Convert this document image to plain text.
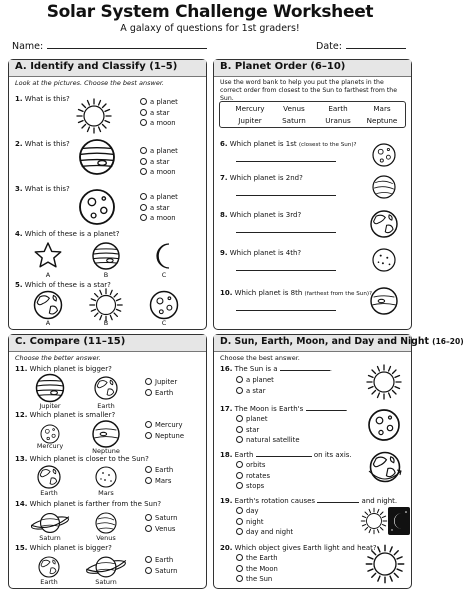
Solar System Challenge Worksheet
A galaxy of questions for 1st graders!
Name:	Date:
A. Identify and Classify (1–5)
Look at the pictures. Choose the best answer.
1. What is this?	a planet
a star
a moon
2. What is this?
a planet
a star
a moon
3. What is this?
a planet
a star
a moon
4. Which of these is a planet?
A	B	C
5. Which of these is a star?
A	B	C
B. Planet Order (6–10)
Use the word bank to help you put the planets in the correct order from closest to the Sun to farthest from the Sun.
Mercury	Venus	Earth	Mars
Jupiter	Saturn	Uranus	Neptune
6. Which planet is 1st (closest to the Sun)?
7. Which planet is 2nd?
8. Which planet is 3rd?
9. Which planet is 4th?
10. Which planet is 8th (farthest from the Sun)?
C. Compare (11–15)
Choose the better answer.
11. Which planet is bigger?
Jupiter	Earth
Jupiter
Earth
12. Which planet is smaller?
Mercury
Neptune
Mercury
Neptune
13. Which planet is closer to the Sun?
Earth	Mars
Earth
Mars
14. Which planet is farther from the Sun?
Saturn	Venus
Saturn
Venus
15. Which planet is bigger?
Earth	Saturn
Earth
Saturn
D. Sun, Earth, Moon, and Day and Night (16–20)
Choose the best answer.
16. The Sun is a	.
a planet
a star
17. The Moon is Earth's	.
planet
star
natural satellite
18. Earth	on its axis.
orbits
rotates
stops
19. Earth's rotation causes	and night.
day
night
day and night
20. Which object gives Earth light and heat?
the Earth
the Moon
the Sun
